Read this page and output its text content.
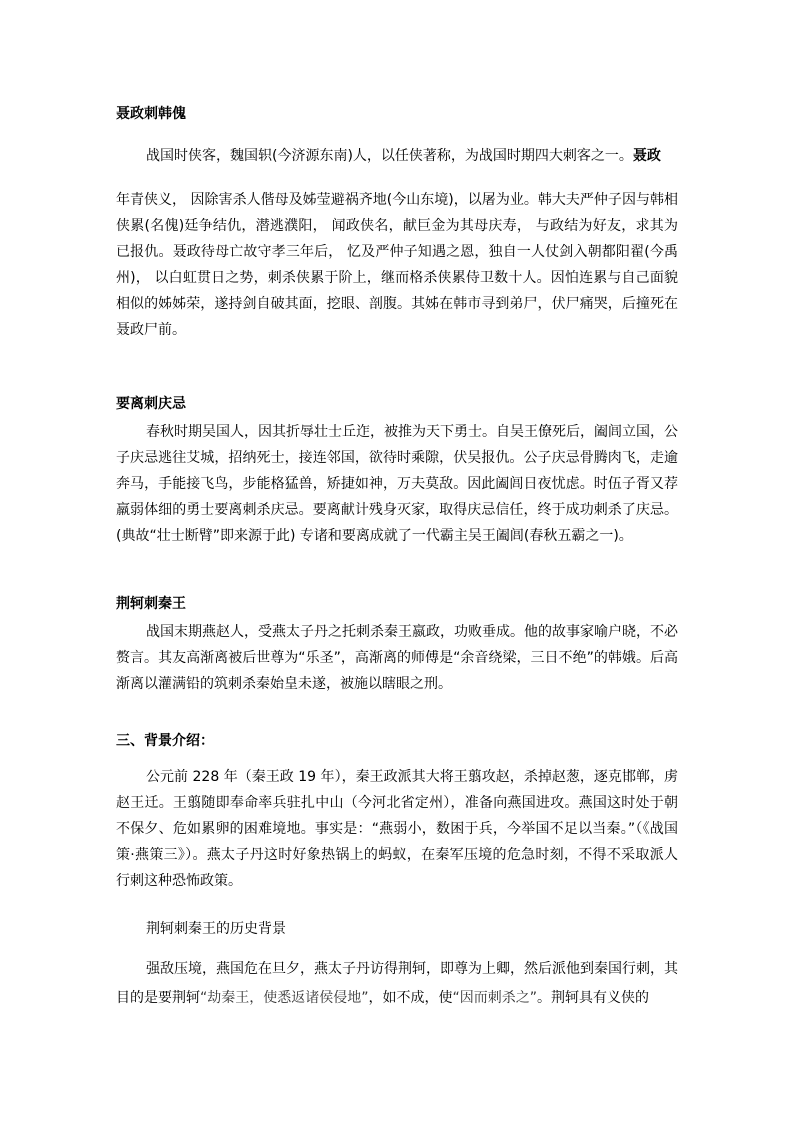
聂政刺韩傀

战国时侠客，魏国轵(今济源东南)人，以任侠著称，为战国时期四大刺客之一。聂政

年青侠义， 因除害杀人偕母及姊莹避祸齐地(今山东境)，以屠为业。韩大夫严仲子因与韩相侠累(名傀)廷争结仇，潜逃濮阳， 闻政侠名，献巨金为其母庆寿， 与政结为好友，求其为已报仇。聂政待母亡故守孝三年后， 忆及严仲子知遇之恩，独自一人仗剑入朝都阳翟(今禹州)， 以白虹贯日之势，刺杀侠累于阶上，继而格杀侠累侍卫数十人。因怕连累与自己面貌相似的姊姊荣，遂持剑自破其面，挖眼、剖腹。其姊在韩市寻到弟尸，伏尸痛哭，后撞死在聂政尸前。

要离刺庆忌

春秋时期吴国人，因其折辱壮士丘迮，被推为天下勇士。自吴王僚死后，阖闾立国，公子庆忌逃往艾城，招纳死士，接连邻国，欲待时乘隙，伏吴报仇。公子庆忌骨腾肉飞，走逾奔马，手能接飞鸟，步能格猛兽，矫捷如神，万夫莫敌。因此阖闾日夜忧虑。时伍子胥又荐羸弱体细的勇士要离刺杀庆忌。要离献计残身灭家，取得庆忌信任，终于成功刺杀了庆忌。(典故“壮士断臂”即来源于此) 专诸和要离成就了一代霸主吴王阖闾(春秋五霸之一)。

荆轲刺秦王

战国末期燕赵人，受燕太子丹之托刺杀秦王嬴政，功败垂成。他的故事家喻户晓，不必赘言。其友高渐离被后世尊为“乐圣”，高渐离的师傅是“余音绕梁，三日不绝”的韩娥。后高渐离以灌满铅的筑刺杀秦始皇未遂，被施以瞎眼之刑。

三、背景介绍：

公元前 228 年（秦王政 19 年），秦王政派其大将王翦攻赵，杀掉赵葱，逐克邯郸，虏赵王迁。王翦随即奉命率兵驻扎中山（今河北省定州），准备向燕国进攻。燕国这时处于朝不保夕、危如累卵的困难境地。事实是：“燕弱小，数困于兵，今举国不足以当秦。”（《战国策·燕策三》）。燕太子丹这时好象热锅上的蚂蚁，在秦军压境的危急时刻，不得不采取派人行刺这种恐怖政策。

荆轲刺秦王的历史背景

强敌压境，燕国危在旦夕，燕太子丹访得荆轲，即尊为上卿，然后派他到秦国行刺，其目的是要荆轲“劫秦王，使悉返诸侯侵地”，如不成，使“因而刺杀之”。荆轲具有义侠的
